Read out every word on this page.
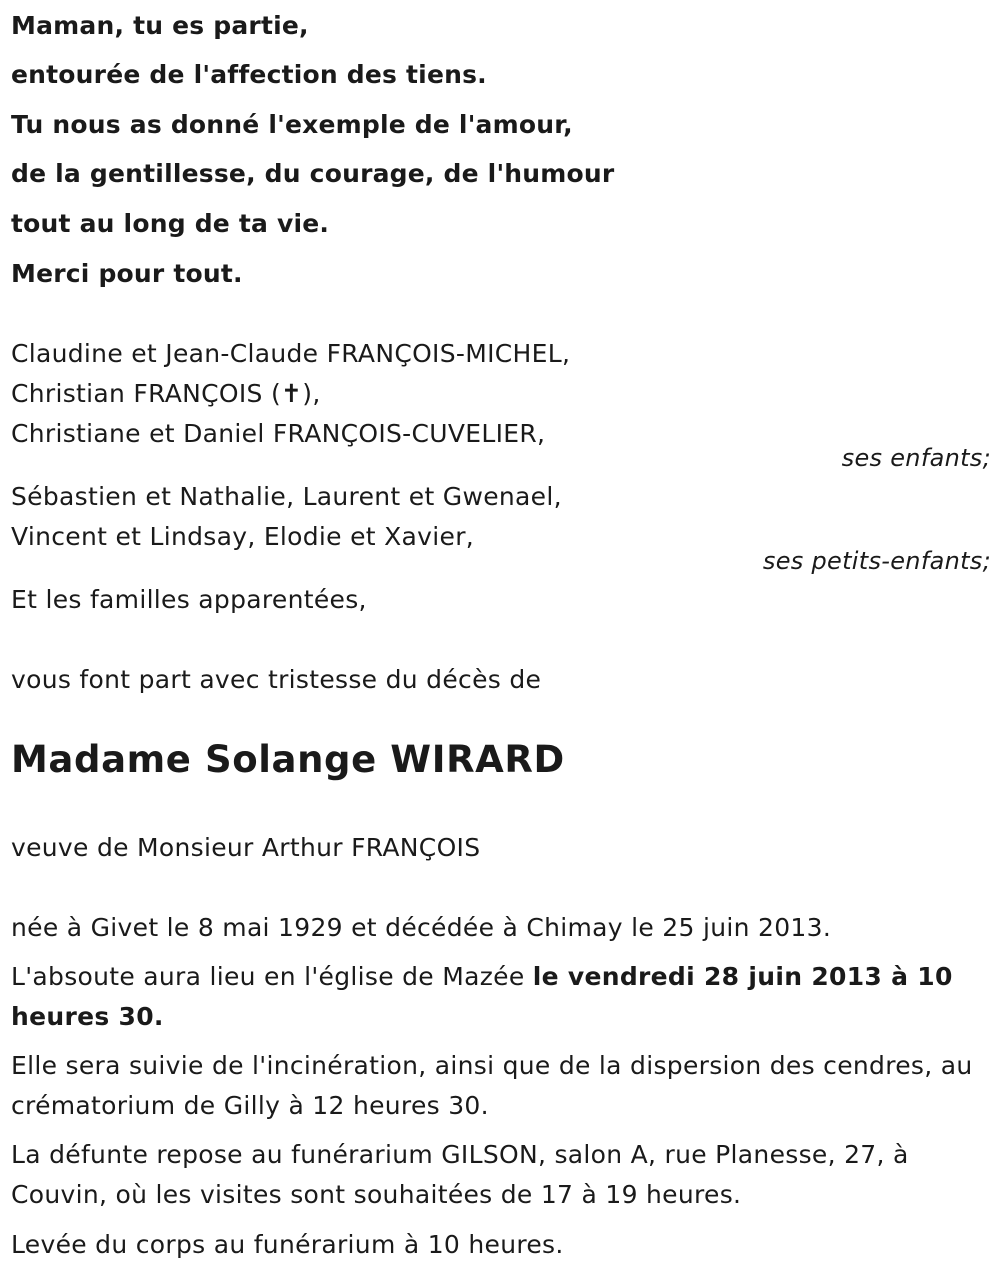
Maman, tu es partie,
entourée de l'affection des tiens.
Tu nous as donné l'exemple de l'amour,
de la gentillesse, du courage, de l'humour
tout au long de ta vie.
Merci pour tout.
Claudine et Jean-Claude FRANÇOIS-MICHEL,
Christian FRANÇOIS (✝),
Christiane et Daniel FRANÇOIS-CUVELIER,
ses enfants;
Sébastien et Nathalie, Laurent et Gwenael,
Vincent et Lindsay, Elodie et Xavier,
ses petits-enfants;
Et les familles apparentées,
vous font part avec tristesse du décès de
Madame Solange WIRARD
veuve de Monsieur Arthur FRANÇOIS
née à Givet le 8 mai 1929 et décédée à Chimay le 25 juin 2013.
L'absoute aura lieu en l'église de Mazée le vendredi 28 juin 2013 à 10 heures 30.
Elle sera suivie de l'incinération, ainsi que de la dispersion des cendres, au crématorium de Gilly à 12 heures 30.
La défunte repose au funérarium GILSON, salon A, rue Planesse, 27, à Couvin, où les visites sont souhaitées de 17 à 19 heures.
Levée du corps au funérarium à 10 heures.
